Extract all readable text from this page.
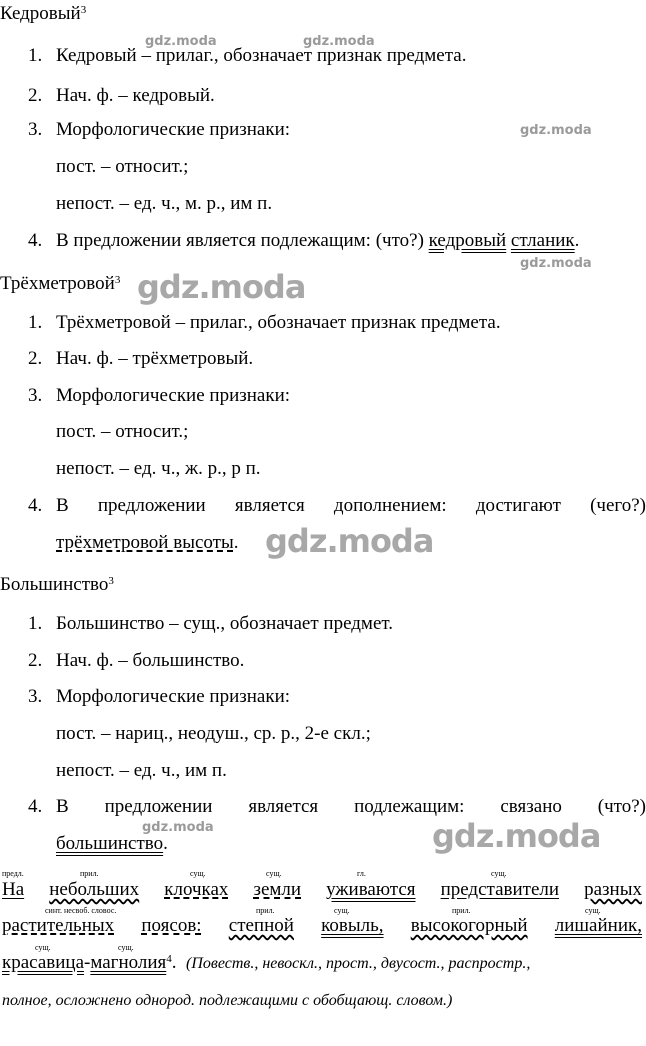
Кедровый$^3$
1. Кедровый – прилаг., обозначает признак предмета.
2. Нач. ф. – кедровый.
3. Морфологические признаки:
пост. – относит.;
непост. – ед. ч., м. р., им п.
4. В предложении является подлежащим: (что?) кедровый стланик.
Трёхметровой$^3$
1. Трёхметровой – прилаг., обозначает признак предмета.
2. Нач. ф. – трёхметровый.
3. Морфологические признаки:
пост. – относит.;
непост. – ед. ч., ж. р., р п.
4. В предложении является дополнением: достигают (чего?)
трёхметровой высоты.
Большинство$^3$
1. Большинство – сущ., обозначает предмет.
2. Нач. ф. – большинство.
3. Морфологические признаки:
пост. – нариц., неодуш., ср. р., 2-е скл.;
непост. – ед. ч., им п.
4. В предложении является подлежащим: связано (что?)
большинство.
предл.	прил.	сущ.	сущ.	гл.	сущ.
На небольших клочках земли уживаются представители разных
синт. несвоб. словос.	прил.	сущ.	прил.	сущ.
растительных поясов: степной ковыль, высокогорный лишайник,
сущ.	сущ.
красавица-магнолия$^4$. (Повеств., невоскл., прост., двусост., распростр.,
полное, осложнено однород. подлежащими с обобщающ. словом.)
gdz.moda	gdz.moda
gdz.moda
gdz.moda
gdz.moda
gdz.moda
gdz.moda	gdz.moda
